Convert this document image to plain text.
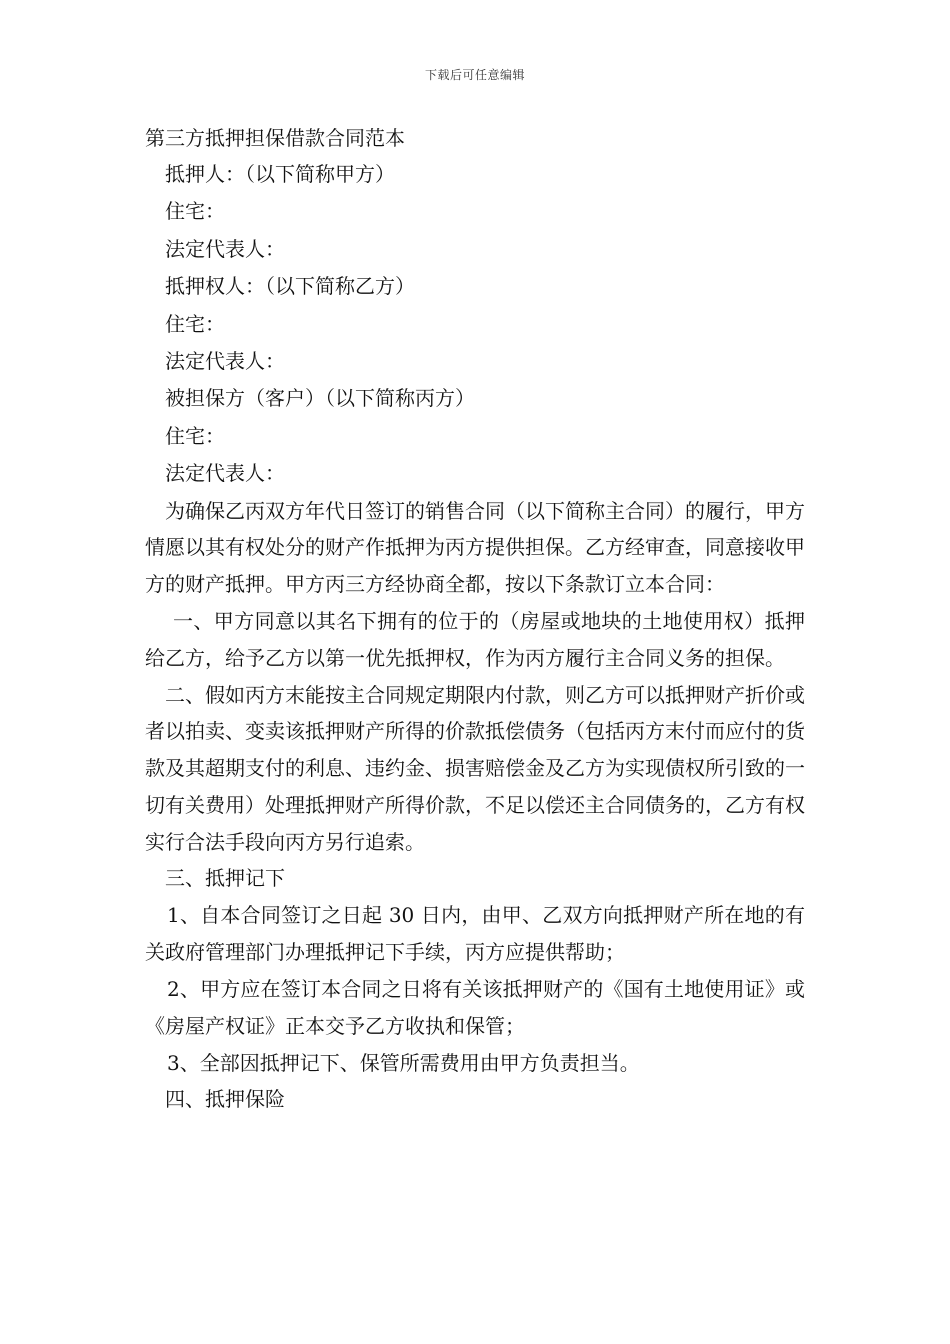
下载后可任意编辑
第三方抵押担保借款合同范本
抵押人：（以下简称甲方）
住宅：
法定代表人：
抵押权人：（以下简称乙方）
住宅：
法定代表人：
被担保方（客户）（以下简称丙方）
住宅：
法定代表人：

为确保乙丙双方年代日签订的销售合同（以下简称主合同）的履行，甲方情愿以其有权处分的财产作抵押为丙方提供担保。乙方经审查，同意接收甲方的财产抵押。甲方丙三方经协商全都，按以下条款订立本合同：

一、甲方同意以其名下拥有的位于的（房屋或地块的土地使用权）抵押给乙方，给予乙方以第一优先抵押权，作为丙方履行主合同义务的担保。

二、假如丙方末能按主合同规定期限内付款，则乙方可以抵押财产折价或者以拍卖、变卖该抵押财产所得的价款抵偿债务（包括丙方末付而应付的货款及其超期支付的利息、违约金、损害赔偿金及乙方为实现债权所引致的一切有关费用）处理抵押财产所得价款，不足以偿还主合同债务的，乙方有权实行合法手段向丙方另行追索。

三、抵押记下

1、自本合同签订之日起 30 日内，由甲、乙双方向抵押财产所在地的有关政府管理部门办理抵押记下手续，丙方应提供帮助；

2、甲方应在签订本合同之日将有关该抵押财产的《国有土地使用证》或《房屋产权证》正本交予乙方收执和保管；

3、全部因抵押记下、保管所需费用由甲方负责担当。

四、抵押保险
